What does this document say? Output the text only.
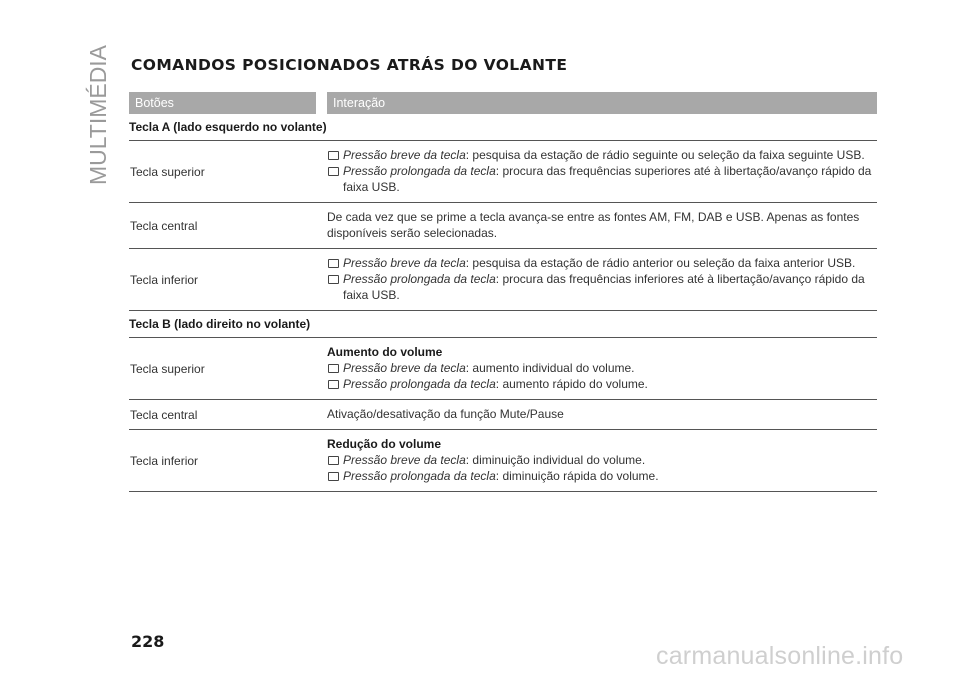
MULTIMÉDIA COMANDOS POSICIONADOS ATRÁS DO VOLANTE
Botões	Interação
Tecla A (lado esquerdo no volante)
Tecla superior
Pressão breve da tecla: pesquisa da estação de rádio seguinte ou seleção da faixa seguinte USB.
Pressão prolongada da tecla: procura das frequências superiores até à libertação/avanço rápido da faixa USB.
Tecla central
De cada vez que se prime a tecla avança-se entre as fontes AM, FM, DAB e USB. Apenas as fontes disponíveis serão selecionadas.
Tecla inferior
Pressão breve da tecla: pesquisa da estação de rádio anterior ou seleção da faixa anterior USB.
Pressão prolongada da tecla: procura das frequências inferiores até à libertação/avanço rápido da faixa USB.
Tecla B (lado direito no volante)
Tecla superior
Aumento do volume
Pressão breve da tecla: aumento individual do volume.
Pressão prolongada da tecla: aumento rápido do volume.
Tecla central	Ativação/desativação da função Mute/Pause
Tecla inferior
Redução do volume
Pressão breve da tecla: diminuição individual do volume.
Pressão prolongada da tecla: diminuição rápida do volume.
228
carmanualsonline.info
